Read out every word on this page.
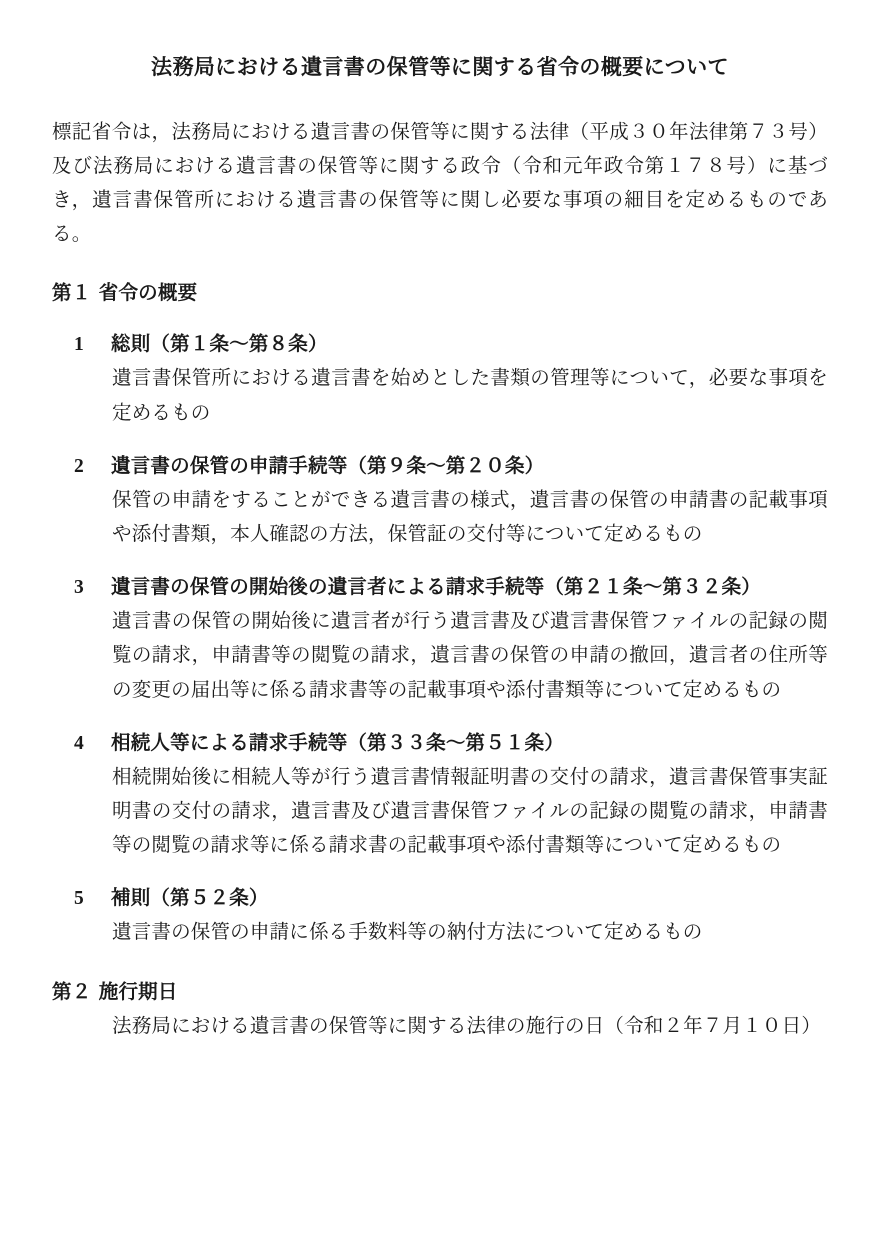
法務局における遺言書の保管等に関する省令の概要について

標記省令は，法務局における遺言書の保管等に関する法律（平成３０年法律第７３号）及び法務局における遺言書の保管等に関する政令（令和元年政令第１７８号）に基づき，遺言書保管所における遺言書の保管等に関し必要な事項の細目を定めるものである。

第１ 省令の概要
1 総則（第１条～第８条）
遺言書保管所における遺言書を始めとした書類の管理等について，必要な事項を定めるもの
2 遺言書の保管の申請手続等（第９条～第２０条）
保管の申請をすることができる遺言書の様式，遺言書の保管の申請書の記載事項や添付書類，本人確認の方法，保管証の交付等について定めるもの
3 遺言書の保管の開始後の遺言者による請求手続等（第２１条～第３２条）
遺言書の保管の開始後に遺言者が行う遺言書及び遺言書保管ファイルの記録の閲覧の請求，申請書等の閲覧の請求，遺言書の保管の申請の撤回，遺言者の住所等の変更の届出等に係る請求書等の記載事項や添付書類等について定めるもの
4 相続人等による請求手続等（第３３条～第５１条）
相続開始後に相続人等が行う遺言書情報証明書の交付の請求，遺言書保管事実証明書の交付の請求，遺言書及び遺言書保管ファイルの記録の閲覧の請求，申請書等の閲覧の請求等に係る請求書の記載事項や添付書類等について定めるもの
5 補則（第５２条）
遺言書の保管の申請に係る手数料等の納付方法について定めるもの
第２ 施行期日
法務局における遺言書の保管等に関する法律の施行の日（令和２年７月１０日）
